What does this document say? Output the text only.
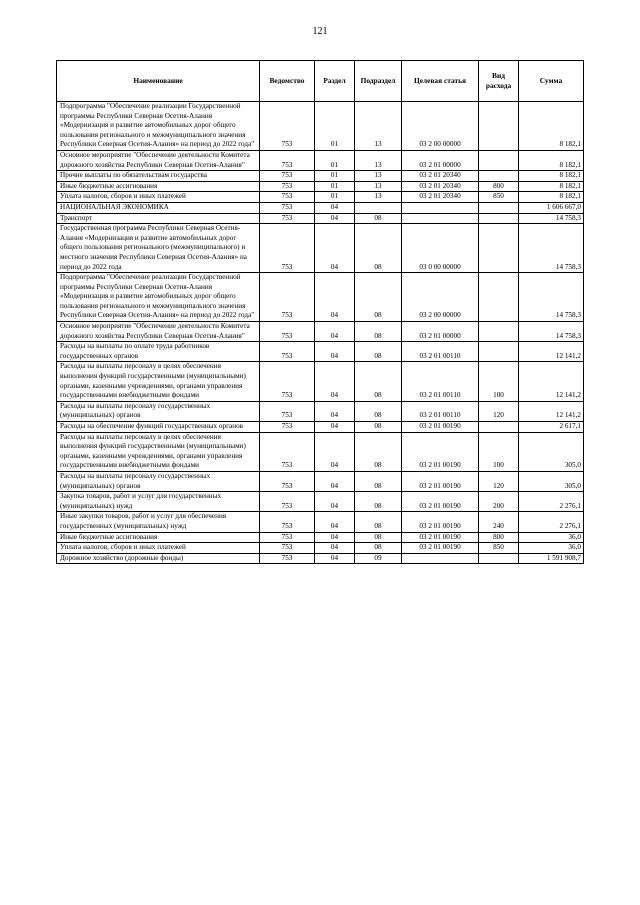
121
Наименование	Ведомство	Раздел	Подраздел	Целевая статья	Вид расхода	Сумма
Подпрограмма "Обеспечение реализации Государственной программы Республики Северная Осетия-Алания «Модернизация и развитие автомобильных дорог общего пользования регионального и межмуниципального значения Республики Северная Осетия-Алания» на период до 2022 года"	753	01	13	03 2 00 00000		8 182,1
Основное мероприятие "Обеспечение деятельности Комитета дорожного хозяйства Республики Северная Осетия-Алания"	753	01	13	03 2 01 00000		8 182,1
Прочие выплаты по обязательствам государства	753	01	13	03 2 01 20340		8 182,1
Иные бюджетные ассигнования	753	01	13	03 2 01 20340	800	8 182,1
Уплата налогов, сборов и иных платежей	753	01	13	03 2 01 20340	850	8 182,1
НАЦИОНАЛЬНАЯ ЭКОНОМИКА	753	04				1 606 667,0
Транспорт	753	04	08			14 758,3
Государственная программа Республики Северная Осетия-Алания «Модернизация и развитие автомобильных дорог общего пользования регионального (межмуниципального) и местного значения Республики Северная Осетия-Алания» на период до 2022 года	753	04	08	03 0 00 00000		14 758,3
Подпрограмма "Обеспечение реализации Государственной программы Республики Северная Осетия-Алания «Модернизация и развитие автомобильных дорог общего пользования регионального и межмуниципального значения Республики Северная Осетия-Алания» на период до 2022 года"	753	04	08	03 2 00 00000		14 758,3
Основное мероприятие "Обеспечение деятельности Комитета дорожного хозяйства Республики Северная Осетия-Алания"	753	04	08	03 2 01 00000		14 758,3
Расходы на выплаты по оплате труда работников государственных органов	753	04	08	03 2 01 00110		12 141,2
Расходы на выплаты персоналу в целях обеспечения выполнения функций государственными (муниципальными) органами, казенными учреждениями, органами управления государственными внебюджетными фондами	753	04	08	03 2 01 00110	100	12 141,2
Расходы на выплаты персоналу государственных (муниципальных) органов	753	04	08	03 2 01 00110	120	12 141,2
Расходы на обеспечение функций государственных органов	753	04	08	03 2 01 00190		2 617,1
Расходы на выплаты персоналу в целях обеспечения выполнения функций государственными (муниципальными) органами, казенными учреждениями, органами управления государственными внебюджетными фондами	753	04	08	03 2 01 00190	100	305,0
Расходы на выплаты персоналу государственных (муниципальных) органов	753	04	08	03 2 01 00190	120	305,0
Закупка товаров, работ и услуг для государственных (муниципальных) нужд	753	04	08	03 2 01 00190	200	2 276,1
Иные закупки товаров, работ и услуг для обеспечения государственных (муниципальных) нужд	753	04	08	03 2 01 00190	240	2 276,1
Иные бюджетные ассигнования	753	04	08	03 2 01 00190	800	36,0
Уплата налогов, сборов и иных платежей	753	04	08	03 2 01 00190	850	36,0
Дорожное хозяйство (дорожные фонды)	753	04	09			1 591 908,7
